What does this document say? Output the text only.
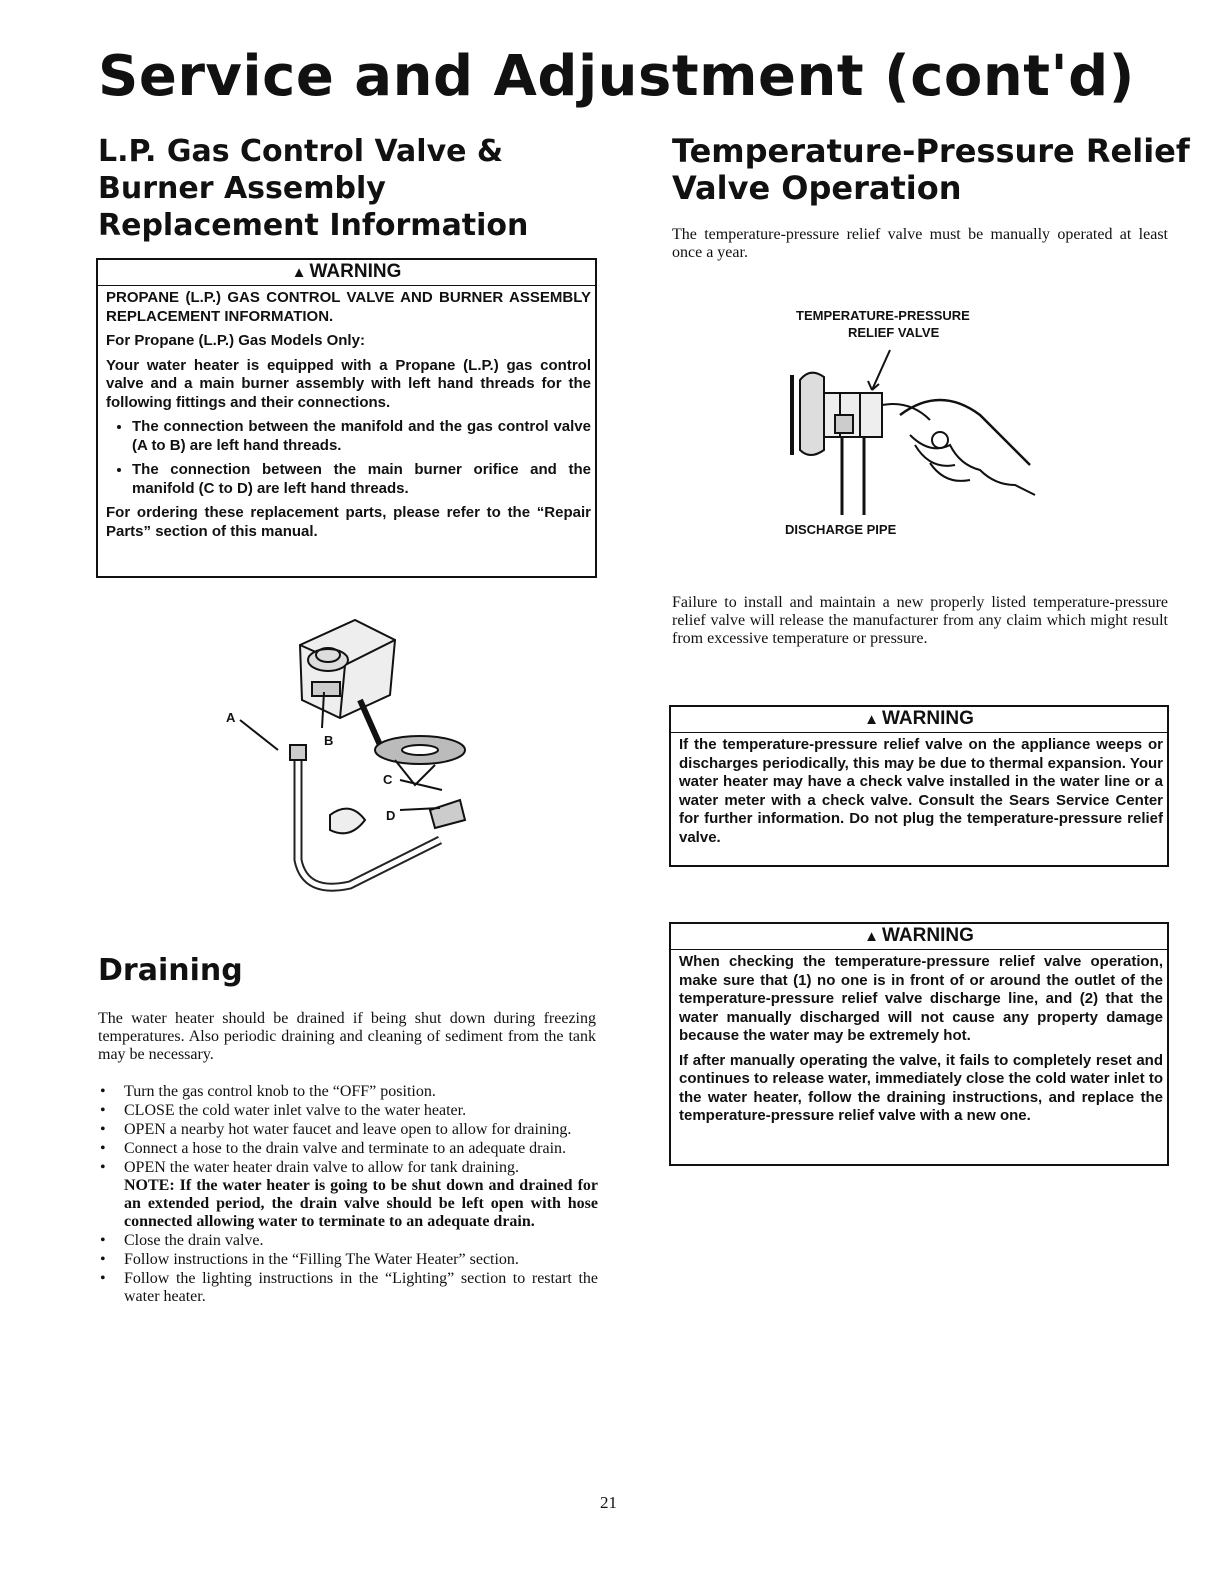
Service and Adjustment (cont'd)
L.P. Gas Control Valve & Burner Assembly Replacement Information
▲ WARNING

PROPANE (L.P.) GAS CONTROL VALVE AND BURNER ASSEMBLY REPLACEMENT INFORMATION.

For Propane (L.P.) Gas Models Only:

Your water heater is equipped with a Propane (L.P.) gas control valve and a main burner assembly with left hand threads for the following fittings and their connections.

• The connection between the manifold and the gas control valve (A to B) are left hand threads.
• The connection between the main burner orifice and the manifold (C to D) are left hand threads.

For ordering these replacement parts, please refer to the “Repair Parts” section of this manual.

A
B
C
D
Draining

The water heater should be drained if being shut down during freezing temperatures. Also periodic draining and cleaning of sediment from the tank may be necessary.

• Turn the gas control knob to the “OFF” position.
• CLOSE the cold water inlet valve to the water heater.
• OPEN a nearby hot water faucet and leave open to allow for draining.
• Connect a hose to the drain valve and terminate to an adequate drain.
• OPEN the water heater drain valve to allow for tank draining.
NOTE: If the water heater is going to be shut down and drained for an extended period, the drain valve should be left open with hose connected allowing water to terminate to an adequate drain.
• Close the drain valve.
• Follow instructions in the “Filling The Water Heater” section.
• Follow the lighting instructions in the “Lighting” section to restart the water heater.
Temperature-Pressure Relief Valve Operation

The temperature-pressure relief valve must be manually operated at least once a year.

TEMPERATURE-PRESSURE
RELIEF VALVE
DISCHARGE PIPE

Failure to install and maintain a new properly listed temperature-pressure relief valve will release the manufacturer from any claim which might result from excessive temperature or pressure.

▲ WARNING

If the temperature-pressure relief valve on the appliance weeps or discharges periodically, this may be due to thermal expansion. Your water heater may have a check valve installed in the water line or a water meter with a check valve. Consult the Sears Service Center for further information. Do not plug the temperature-pressure relief valve.

▲ WARNING

When checking the temperature-pressure relief valve operation, make sure that (1) no one is in front of or around the outlet of the temperature-pressure relief valve discharge line, and (2) that the water manually discharged will not cause any property damage because the water may be extremely hot.

If after manually operating the valve, it fails to completely reset and continues to release water, immediately close the cold water inlet to the water heater, follow the draining instructions, and replace the temperature-pressure relief valve with a new one.

21
